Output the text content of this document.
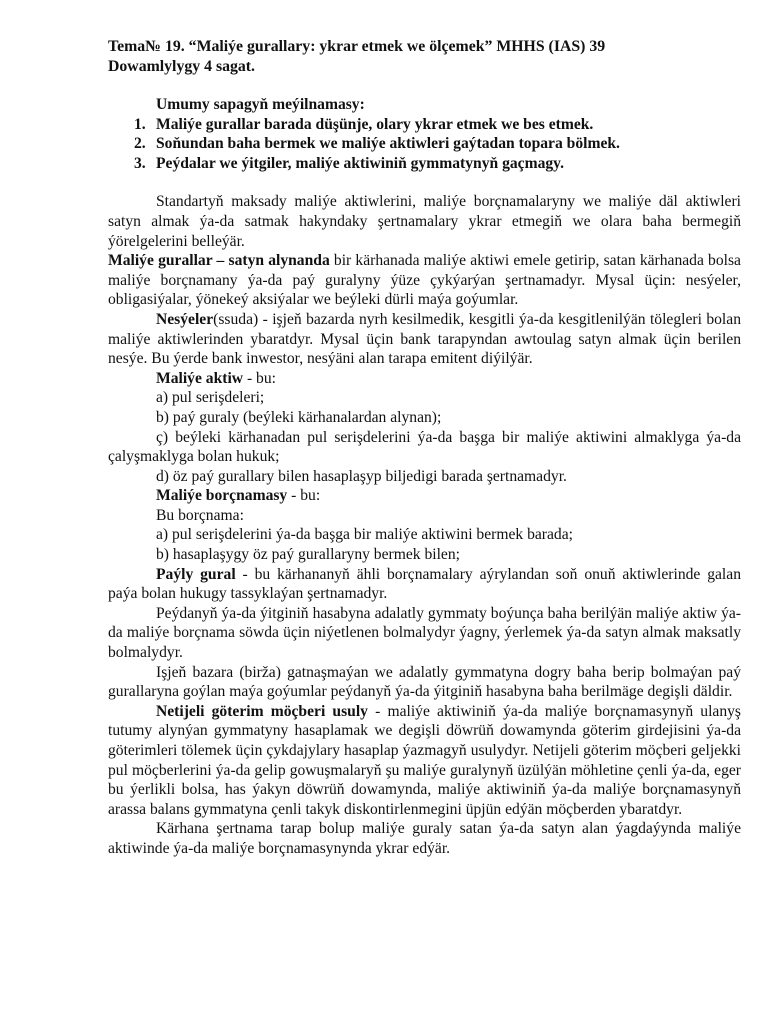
Tema№ 19. “Maliýe gurallary: ykrar etmek we ölçemek” MHHS (IAS) 39

Dowamlylygy 4 sagat.

Umumy sapagyň meýilnamasy:

1. Maliýe gurallar barada düşünje, olary ykrar etmek we bes etmek.
2. Soňundan baha bermek we maliýe aktiwleri gaýtadan topara bölmek.
3. Peýdalar we ýitgiler, maliýe aktiwiniň gymmatynyň gaçmagy.

Standartyň maksady maliýe aktiwlerini, maliýe borçnamalaryny we maliýe däl aktiwleri satyn almak ýa-da satmak hakyndaky şertnamalary ykrar etmegiň we olara baha bermegiň ýörelgelerini belleýär.

Maliýe gurallar – satyn alynanda bir kärhanada maliýe aktiwi emele getirip, satan kärhanada bolsa maliýe borçnamany ýa-da paý guralyny ýüze çykýarýan şertnamadyr. Mysal üçin: nesýeler, obligasiýalar, ýönekeý aksiýalar we beýleki dürli maýa goýumlar.

Nesýeler(ssuda) - işjeň bazarda nyrh kesilmedik, kesgitli ýa-da kesgitlenilýän tölegleri bolan maliýe aktiwlerinden ybaratdyr. Mysal üçin bank tarapyndan awtoulag satyn almak üçin berilen nesýe. Bu ýerde bank inwestor, nesýäni alan tarapa emitent diýilýär.

Maliýe aktiw - bu:

a) pul serişdeleri;

b) paý guraly (beýleki kärhanalardan alynan);

ç) beýleki kärhanadan pul serişdelerini ýa-da başga bir maliýe aktiwini almaklyga ýa-da çalyşmaklyga bolan hukuk;

d) öz paý gurallary bilen hasaplaşyp biljedigi barada şertnamadyr.

Maliýe borçnamasy - bu:

Bu borçnama:

a) pul serişdelerini ýa-da başga bir maliýe aktiwini bermek barada;

b) hasaplaşygy öz paý gurallaryny bermek bilen;

Paýly gural - bu kärhananyň ähli borçnamalary aýrylandan soň onuň aktiwlerinde galan paýa bolan hukugy tassyklaýan şertnamadyr.

Peýdanyň ýa-da ýitginiň hasabyna adalatly gymmaty boýunça baha berilýän maliýe aktiw ýa-da maliýe borçnama söwda üçin niýetlenen bolmalydyr ýagny, ýerlemek ýa-da satyn almak maksatly bolmalydyr.

Işjeň bazara (birža) gatnaşmaýan we adalatly gymmatyna dogry baha berip bolmaýan paý gurallaryna goýlan maýa goýumlar peýdanyň ýa-da ýitginiň hasabyna baha berilmäge degişli däldir.

Netijeli göterim möçberi usuly - maliýe aktiwiniň ýa-da maliýe borçnamasynyň ulanyş tutumy alynýan gymmatyny hasaplamak we degişli döwrüň dowamynda göterim girdejisini ýa-da göterimleri tölemek üçin çykdajylary hasaplap ýazmagyň usulydyr. Netijeli göterim möçberi geljekki pul möçberlerini ýa-da gelip gowuşmalaryň şu maliýe guralynyň üzülýän möhletine çenli ýa-da, eger bu ýerlikli bolsa, has ýakyn döwrüň dowamynda, maliýe aktiwiniň ýa-da maliýe borçnamasynyň arassa balans gymmatyna çenli takyk diskontirlenmegini üpjün edýän möçberden ybaratdyr.

Kärhana şertnama tarap bolup maliýe guraly satan ýa-da satyn alan ýagdaýynda maliýe aktiwinde ýa-da maliýe borçnamasynynda ykrar edýär.
